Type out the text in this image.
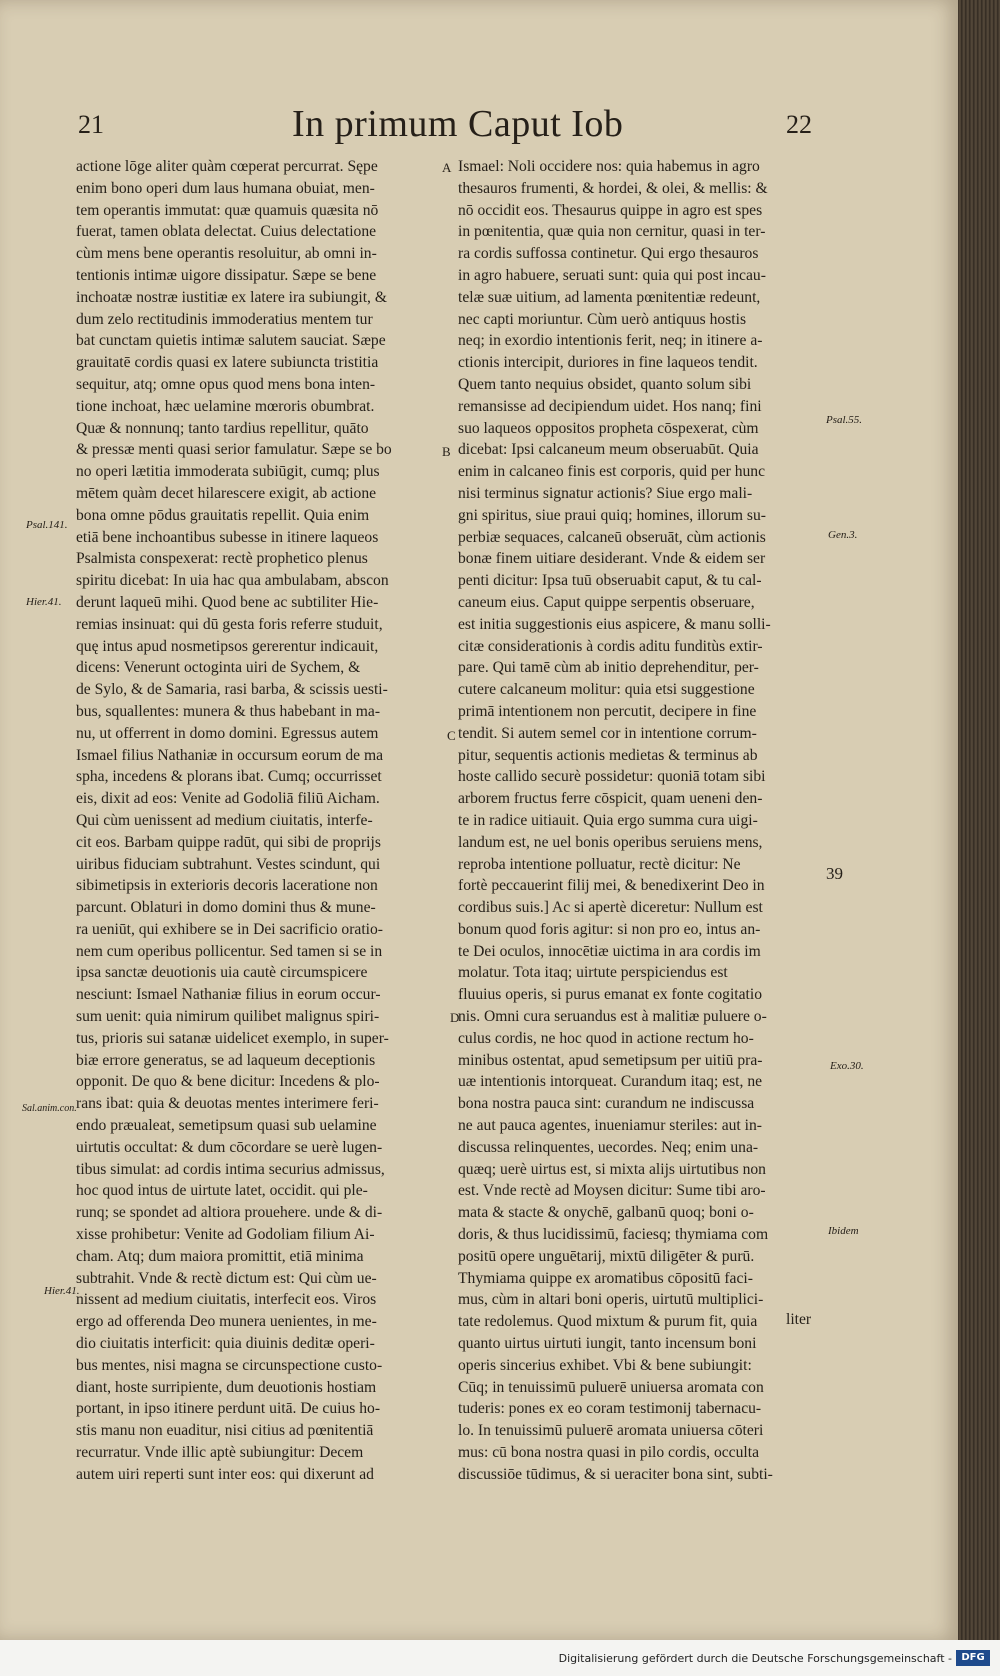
21	In primum Caput Iob	22
actione lōge aliter quàm cœperat percurrat. Sępe
enim bono operi dum laus humana obuiat, men-
tem operantis immutat: quæ quamuis quæsita nō
fuerat, tamen oblata delectat. Cuius delectatione
cùm mens bene operantis resoluitur, ab omni in-
tentionis intimæ uigore dissipatur. Sæpe se bene
inchoatæ nostræ iustitiæ ex latere ira subiungit, &
dum zelo rectitudinis immoderatius mentem tur
bat cunctam quietis intimæ salutem sauciat. Sæpe
grauitatē cordis quasi ex latere subiuncta tristitia
sequitur, atq; omne opus quod mens bona inten-
tione inchoat, hæc uelamine mœroris obumbrat.
Quæ & nonnunq; tanto tardius repellitur, quāto
& pressæ menti quasi serior famulatur. Sæpe se bo
no operi lætitia immoderata subiūgit, cumq; plus
mētem quàm decet hilarescere exigit, ab actione
bona omne pōdus grauitatis repellit. Quia enim
etiā bene inchoantibus subesse in itinere laqueos
Psalmista conspexerat: rectè prophetico plenus
spiritu dicebat: In uia hac qua ambulabam, abscon
derunt laqueū mihi. Quod bene ac subtiliter Hie-
remias insinuat: qui dū gesta foris referre studuit,
quę intus apud nosmetipsos gererentur indicauit,
dicens: Venerunt octoginta uiri de Sychem, &
de Sylo, & de Samaria, rasi barba, & scissis uesti-
bus, squallentes: munera & thus habebant in ma-
nu, ut offerrent in domo domini. Egressus autem
Ismael filius Nathaniæ in occursum eorum de ma
spha, incedens & plorans ibat. Cumq; occurrisset
eis, dixit ad eos: Venite ad Godoliā filiū Aicham.
Qui cùm uenissent ad medium ciuitatis, interfe-
cit eos. Barbam quippe radūt, qui sibi de proprijs
uiribus fiduciam subtrahunt. Vestes scindunt, qui
sibimetipsis in exterioris decoris laceratione non
parcunt. Oblaturi in domo domini thus & mune-
ra ueniūt, qui exhibere se in Dei sacrificio oratio-
nem cum operibus pollicentur. Sed tamen si se in
ipsa sanctæ deuotionis uia cautè circumspicere
nesciunt: Ismael Nathaniæ filius in eorum occur-
sum uenit: quia nimirum quilibet malignus spiri-
tus, prioris sui satanæ uidelicet exemplo, in super-
biæ errore generatus, se ad laqueum deceptionis
opponit. De quo & bene dicitur: Incedens & plo-
rans ibat: quia & deuotas mentes interimere feri-
endo præualeat, semetipsum quasi sub uelamine
uirtutis occultat: & dum cōcordare se uerè lugen-
tibus simulat: ad cordis intima securius admissus,
hoc quod intus de uirtute latet, occidit. qui ple-
runq; se spondet ad altiora prouehere. unde & di-
xisse prohibetur: Venite ad Godoliam filium Ai-
cham. Atq; dum maiora promittit, etiā minima
subtrahit. Vnde & rectè dictum est: Qui cùm ue-
nissent ad medium ciuitatis, interfecit eos. Viros
ergo ad offerenda Deo munera uenientes, in me-
dio ciuitatis interficit: quia diuinis deditæ operi-
bus mentes, nisi magna se circunspectione custo-
diant, hoste surripiente, dum deuotionis hostiam
portant, in ipso itinere perdunt uitā. De cuius ho-
stis manu non euaditur, nisi citius ad pœnitentiā
recurratur. Vnde illic aptè subiungitur: Decem
autem uiri reperti sunt inter eos: qui dixerunt ad
Ismael: Noli occidere nos: quia habemus in agro
thesauros frumenti, & hordei, & olei, & mellis: &
nō occidit eos. Thesaurus quippe in agro est spes
in pœnitentia, quæ quia non cernitur, quasi in ter-
ra cordis suffossa continetur. Qui ergo thesauros
in agro habuere, seruati sunt: quia qui post incau-
telæ suæ uitium, ad lamenta pœnitentiæ redeunt,
nec capti moriuntur. Cùm uerò antiquus hostis
neq; in exordio intentionis ferit, neq; in itinere a-
ctionis intercipit, duriores in fine laqueos tendit.
Quem tanto nequius obsidet, quanto solum sibi
remansisse ad decipiendum uidet. Hos nanq; fini
suo laqueos oppositos propheta cōspexerat, cùm
dicebat: Ipsi calcaneum meum obseruabūt. Quia
enim in calcaneo finis est corporis, quid per hunc
nisi terminus signatur actionis? Siue ergo mali-
gni spiritus, siue praui quiq; homines, illorum su-
perbiæ sequaces, calcaneū obseruāt, cùm actionis
bonæ finem uitiare desiderant. Vnde & eidem ser
penti dicitur: Ipsa tuū obseruabit caput, & tu cal-
caneum eius. Caput quippe serpentis obseruare,
est initia suggestionis eius aspicere, & manu solli-
citæ considerationis à cordis aditu funditùs extir-
pare. Qui tamē cùm ab initio deprehenditur, per-
cutere calcaneum molitur: quia etsi suggestione
primā intentionem non percutit, decipere in fine
tendit. Si autem semel cor in intentione corrum-
pitur, sequentis actionis medietas & terminus ab
hoste callido securè possidetur: quoniā totam sibi
arborem fructus ferre cōspicit, quam ueneni den-
te in radice uitiauit. Quia ergo summa cura uigi-
landum est, ne uel bonis operibus seruiens mens,
reproba intentione polluatur, rectè dicitur: Ne
fortè peccauerint filij mei, & benedixerint Deo in
cordibus suis.] Ac si apertè diceretur: Nullum est
bonum quod foris agitur: si non pro eo, intus an-
te Dei oculos, innocētiæ uictima in ara cordis im
molatur. Tota itaq; uirtute perspiciendus est
fluuius operis, si purus emanat ex fonte cogitatio
nis. Omni cura seruandus est à malitiæ puluere o-
culus cordis, ne hoc quod in actione rectum ho-
minibus ostentat, apud semetipsum per uitiū pra-
uæ intentionis intorqueat. Curandum itaq; est, ne
bona nostra pauca sint: curandum ne indiscussa
ne aut pauca agentes, inueniamur steriles: aut in-
discussa relinquentes, uecordes. Neq; enim una-
quæq; uerè uirtus est, si mixta alijs uirtutibus non
est. Vnde rectè ad Moysen dicitur: Sume tibi aro-
mata & stacte & onychē, galbanū quoq; boni o-
doris, & thus lucidissimū, faciesq; thymiama com
positū opere unguētarij, mixtū diligēter & purū.
Thymiama quippe ex aromatibus cōpositū faci-
mus, cùm in altari boni operis, uirtutū multiplici-
tate redolemus. Quod mixtum & purum fit, quia
quanto uirtus uirtuti iungit, tanto incensum boni
operis sincerius exhibet. Vbi & bene subiungit:
Cūq; in tenuissimū puluerē uniuersa aromata con
tuderis: pones ex eo coram testimonij tabernacu-
lo. In tenuissimū puluerē aromata uniuersa cōteri
mus: cū bona nostra quasi in pilo cordis, occulta
discussiōe tūdimus, & si ueraciter bona sint, subti-
liter
A
B
C
D
Psal.141.
Hier.41.
Sal.anim.con.
Hier.41.
Psal.55.
Gen.3.
39
Exo.30.
Ibidem
Digitalisierung gefördert durch die Deutsche Forschungsgemeinschaft - DFG
